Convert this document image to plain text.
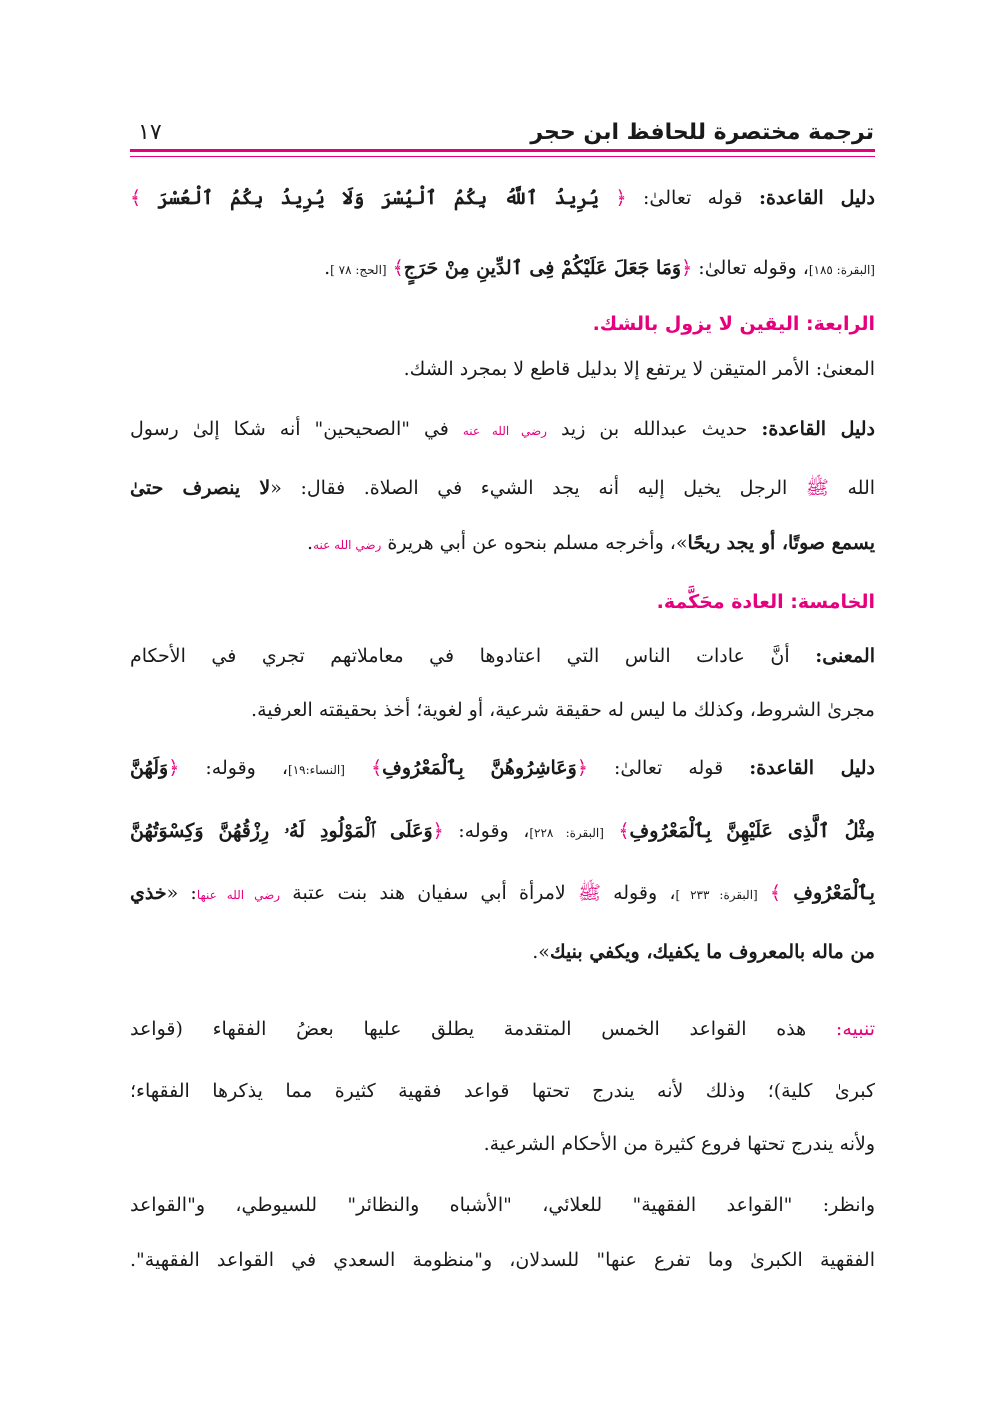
ترجمة مختصرة للحافظ ابن حجر
١٧
دليل القاعدة: قوله تعالىٰ: ﴿ يُرِيدُ ٱللَّهُ بِكُمُ ٱلْيُسْرَ وَلَا يُرِيدُ بِكُمُ ٱلْعُسْرَ ﴾
[البقرة: ١٨٥]، وقوله تعالىٰ: ﴿وَمَا جَعَلَ عَلَيْكُمْ فِى ٱلدِّينِ مِنْ حَرَجٍ﴾ [الحج: ٧٨ ].
الرابعة: اليقين لا يزول بالشك.
المعنىٰ: الأمر المتيقن لا يرتفع إلا بدليل قاطع لا بمجرد الشك.
دليل القاعدة: حديث عبدالله بن زيد رضي الله عنه في "الصحيحين" أنه شكا إلىٰ رسول
الله ﷺ الرجل يخيل إليه أنه يجد الشيء في الصلاة. فقال: «لا ينصرف حتىٰ
يسمع صوتًا، أو يجد ريحًا»، وأخرجه مسلم بنحوه عن أبي هريرة رضي الله عنه.
الخامسة: العادة محَكَّمة.
المعنى: أنَّ عادات الناس التي اعتادوها في معاملاتهم تجري في الأحكام
مجرىٰ الشروط، وكذلك ما ليس له حقيقة شرعية، أو لغوية؛ أخذ بحقيقته العرفية.
دليل القاعدة: قوله تعالىٰ: ﴿وَعَاشِرُوهُنَّ بِٱلْمَعْرُوفِ﴾ [النساء:١٩]، وقوله: ﴿وَلَهُنَّ
مِثْلُ ٱلَّذِى عَلَيْهِنَّ بِٱلْمَعْرُوفِ﴾ [البقرة: ٢٢٨]، وقوله: ﴿وَعَلَى ٱلْمَوْلُودِ لَهُۥ رِزْقُهُنَّ وَكِسْوَتُهُنَّ
بِٱلْمَعْرُوفِ ﴾ [البقرة: ٢٣٣ ]، وقوله ﷺ لامرأة أبي سفيان هند بنت عتبة رضي الله عنها: «خذي
من ماله بالمعروف ما يكفيك، ويكفي بنيك».
تنبيه: هذه القواعد الخمس المتقدمة يطلق عليها بعضُ الفقهاء (قواعد
كبرىٰ كلية)؛ وذلك لأنه يندرج تحتها قواعد فقهية كثيرة مما يذكرها الفقهاء؛
ولأنه يندرج تحتها فروع كثيرة من الأحكام الشرعية.
وانظر: "القواعد الفقهية" للعلائي، "الأشباه والنظائر" للسيوطي، و"القواعد
الفقهية الكبرىٰ وما تفرع عنها" للسدلان، و"منظومة السعدي في القواعد الفقهية".
